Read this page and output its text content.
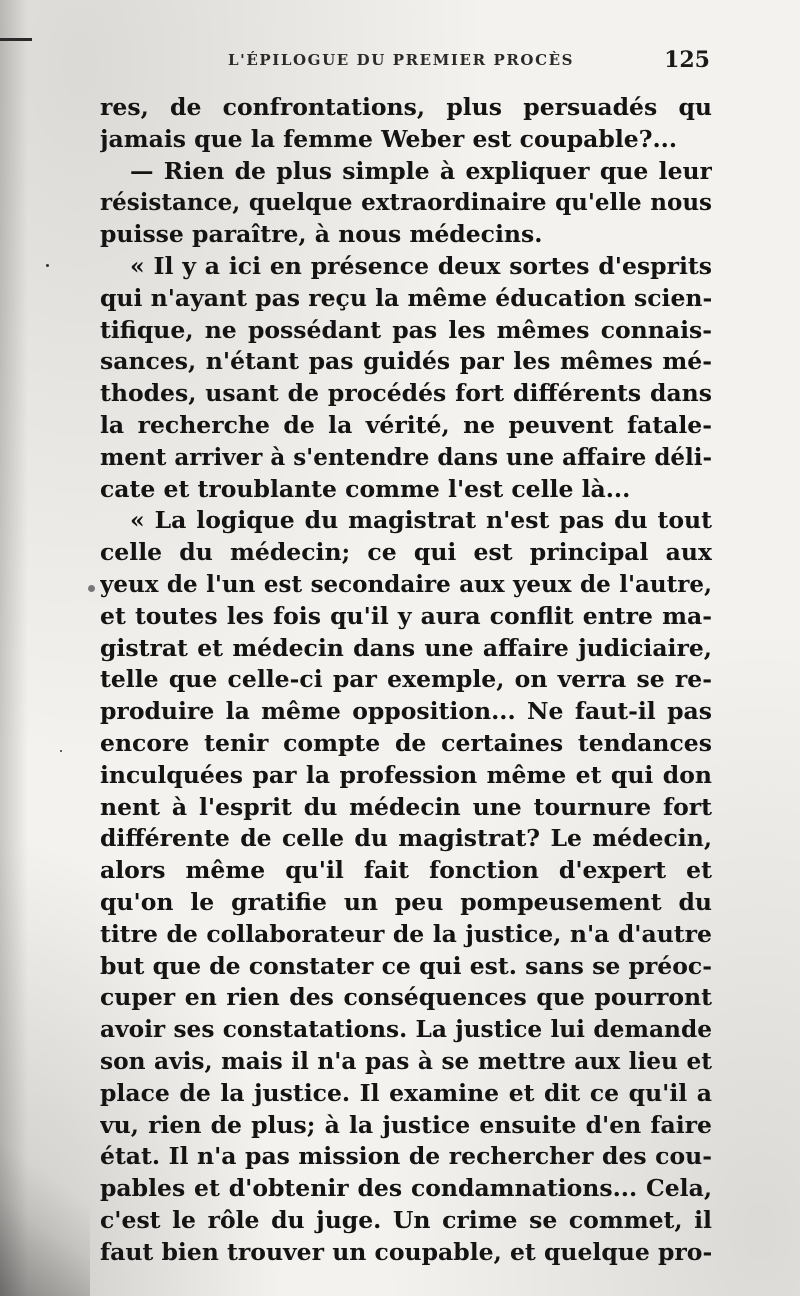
L'ÉPILOGUE DU PREMIER PROCÈS	125
res, de confrontations, plus persuadés qu
jamais que la femme Weber est coupable?...
— Rien de plus simple à expliquer que leur
résistance, quelque extraordinaire qu'elle nous
puisse paraître, à nous médecins.
« Il y a ici en présence deux sortes d'esprits
qui n'ayant pas reçu la même éducation scien-
tifique, ne possédant pas les mêmes connais-
sances, n'étant pas guidés par les mêmes mé-
thodes, usant de procédés fort différents dans
la recherche de la vérité, ne peuvent fatale-
ment arriver à s'entendre dans une affaire déli-
cate et troublante comme l'est celle là...
« La logique du magistrat n'est pas du tout
celle du médecin; ce qui est principal aux
yeux de l'un est secondaire aux yeux de l'autre,
et toutes les fois qu'il y aura conflit entre ma-
gistrat et médecin dans une affaire judiciaire,
telle que celle-ci par exemple, on verra se re-
produire la même opposition... Ne faut-il pas
encore tenir compte de certaines tendances
inculquées par la profession même et qui don
nent à l'esprit du médecin une tournure fort
différente de celle du magistrat? Le médecin,
alors même qu'il fait fonction d'expert et
qu'on le gratifie un peu pompeusement du
titre de collaborateur de la justice, n'a d'autre
but que de constater ce qui est. sans se préoc-
cuper en rien des conséquences que pourront
avoir ses constatations. La justice lui demande
son avis, mais il n'a pas à se mettre aux lieu et
place de la justice. Il examine et dit ce qu'il a
vu, rien de plus; à la justice ensuite d'en faire
état. Il n'a pas mission de rechercher des cou-
pables et d'obtenir des condamnations... Cela,
c'est le rôle du juge. Un crime se commet, il
faut bien trouver un coupable, et quelque pro-
